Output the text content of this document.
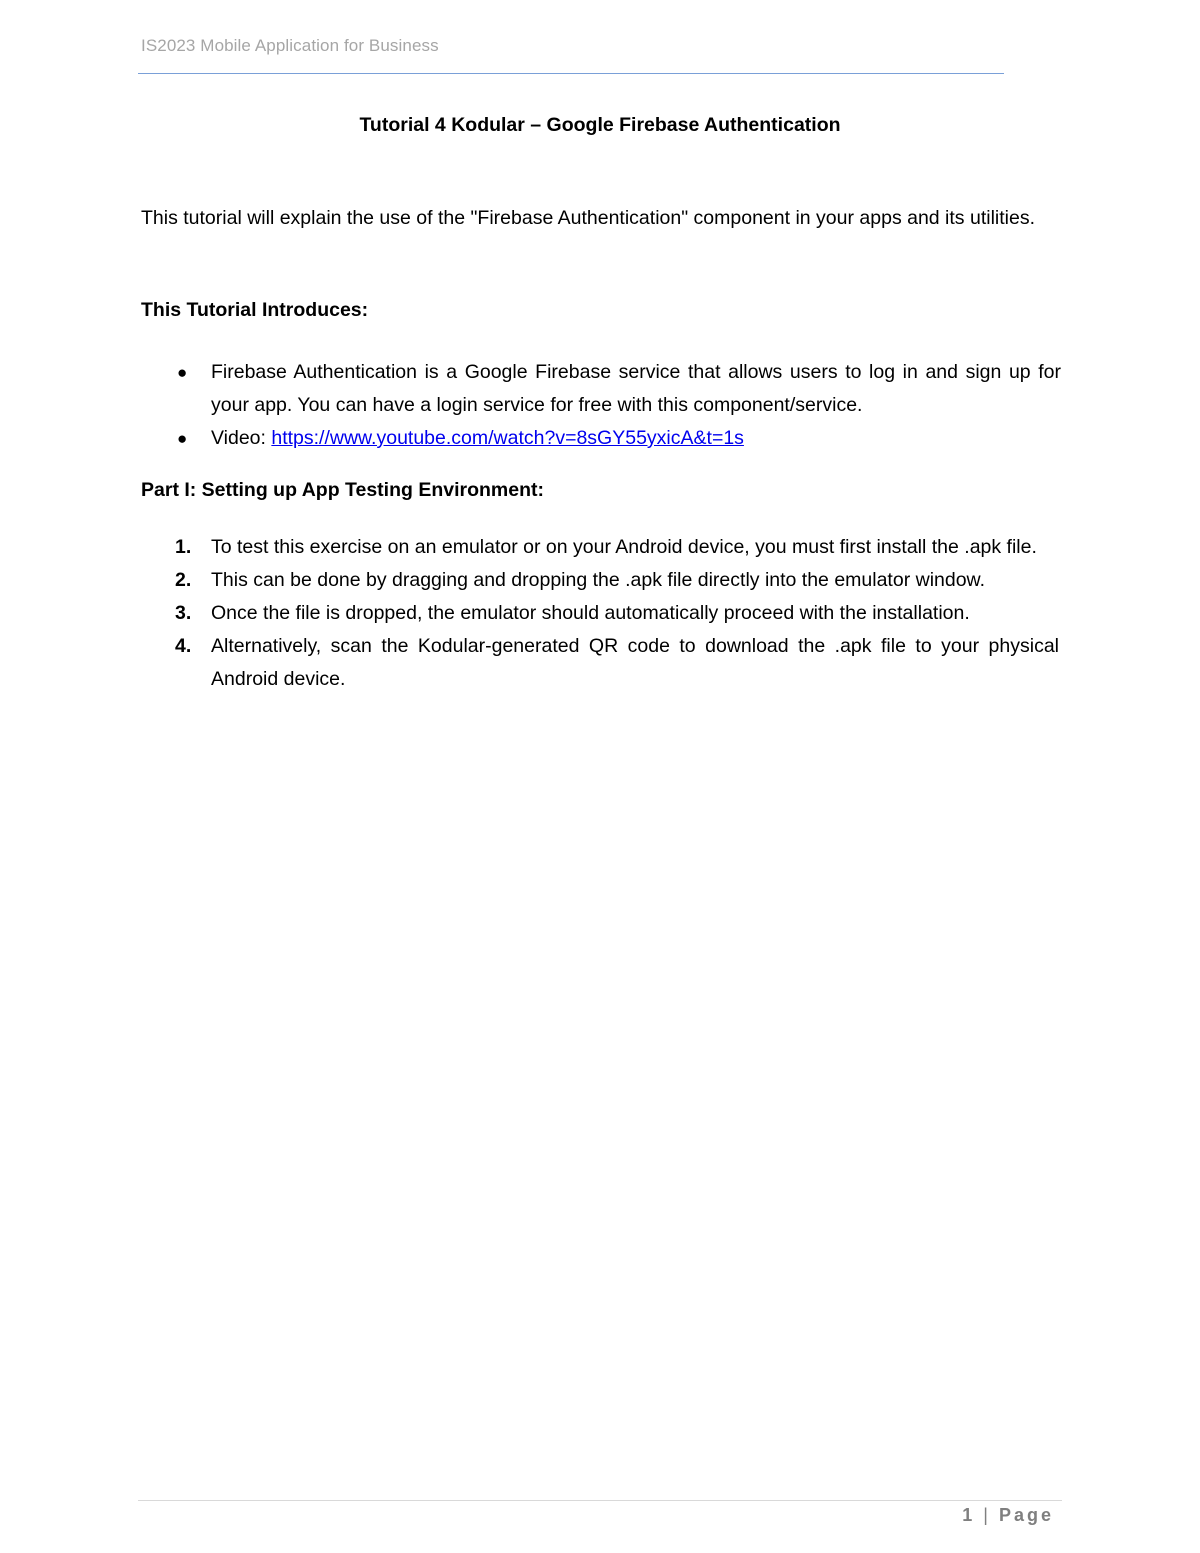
IS2023 Mobile Application for Business
Tutorial 4 Kodular – Google Firebase Authentication
This tutorial will explain the use of the "Firebase Authentication" component in your apps and its utilities.
This Tutorial Introduces:
● Firebase Authentication is a Google Firebase service that allows users to log in and sign up for your app. You can have a login service for free with this component/service.
● Video: https://www.youtube.com/watch?v=8sGY55yxicA&t=1s
Part I: Setting up App Testing Environment:
1. To test this exercise on an emulator or on your Android device, you must first install the .apk file.
2. This can be done by dragging and dropping the .apk file directly into the emulator window.
3. Once the file is dropped, the emulator should automatically proceed with the installation.
4. Alternatively, scan the Kodular-generated QR code to download the .apk file to your physical Android device.
1 | Page
